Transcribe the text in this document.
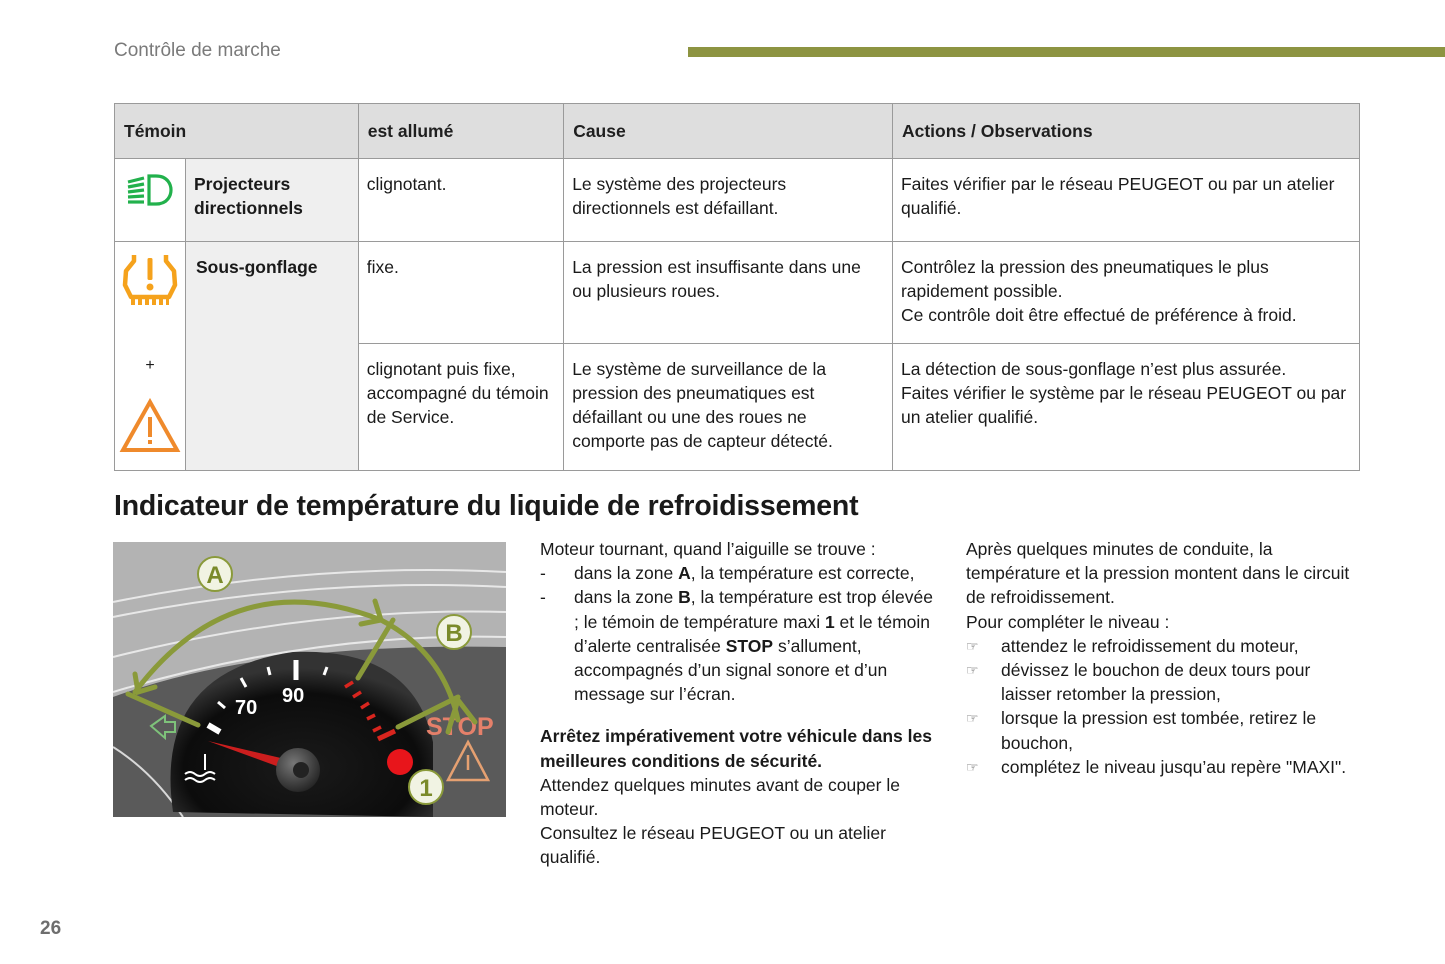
Contrôle de marche
Témoin		est allumé	Cause	Actions / Observations
	Projecteurs directionnels	clignotant.	Le système des projecteurs directionnels est défaillant.	Faites vérifier par le réseau PEUGEOT ou par un atelier qualifié.

+	Sous-gonflage	fixe.	La pression est insuffisante dans une ou plusieurs roues.	Contrôlez la pression des pneumatiques le plus rapidement possible.
Ce contrôle doit être effectué de préférence à froid.

		clignotant puis fixe, accompagné du témoin de Service.	Le système de surveillance de la pression des pneumatiques est défaillant ou une des roues ne comporte pas de capteur détecté.	La détection de sous-gonflage n’est plus assurée.
Faites vérifier le système par le réseau PEUGEOT ou par un atelier qualifié.
Indicateur de température du liquide de refroidissement
70
90
STOP
A
B
1
Moteur tournant, quand l’aiguille se trouve :
- dans la zone A, la température est correcte,
- dans la zone B, la température est trop élevée ; le témoin de température maxi 1 et le témoin d’alerte centralisée STOP s’allument, accompagnés d’un signal sonore et d’un message sur l’écran.
Arrêtez impérativement votre véhicule dans les meilleures conditions de sécurité.
Attendez quelques minutes avant de couper le moteur.
Consultez le réseau PEUGEOT ou un atelier qualifié.
Après quelques minutes de conduite, la température et la pression montent dans le circuit de refroidissement.
Pour compléter le niveau :
☞ attendez le refroidissement du moteur,
☞ dévissez le bouchon de deux tours pour laisser retomber la pression,
☞ lorsque la pression est tombée, retirez le bouchon,
☞ complétez le niveau jusqu’au repère "MAXI".
26
